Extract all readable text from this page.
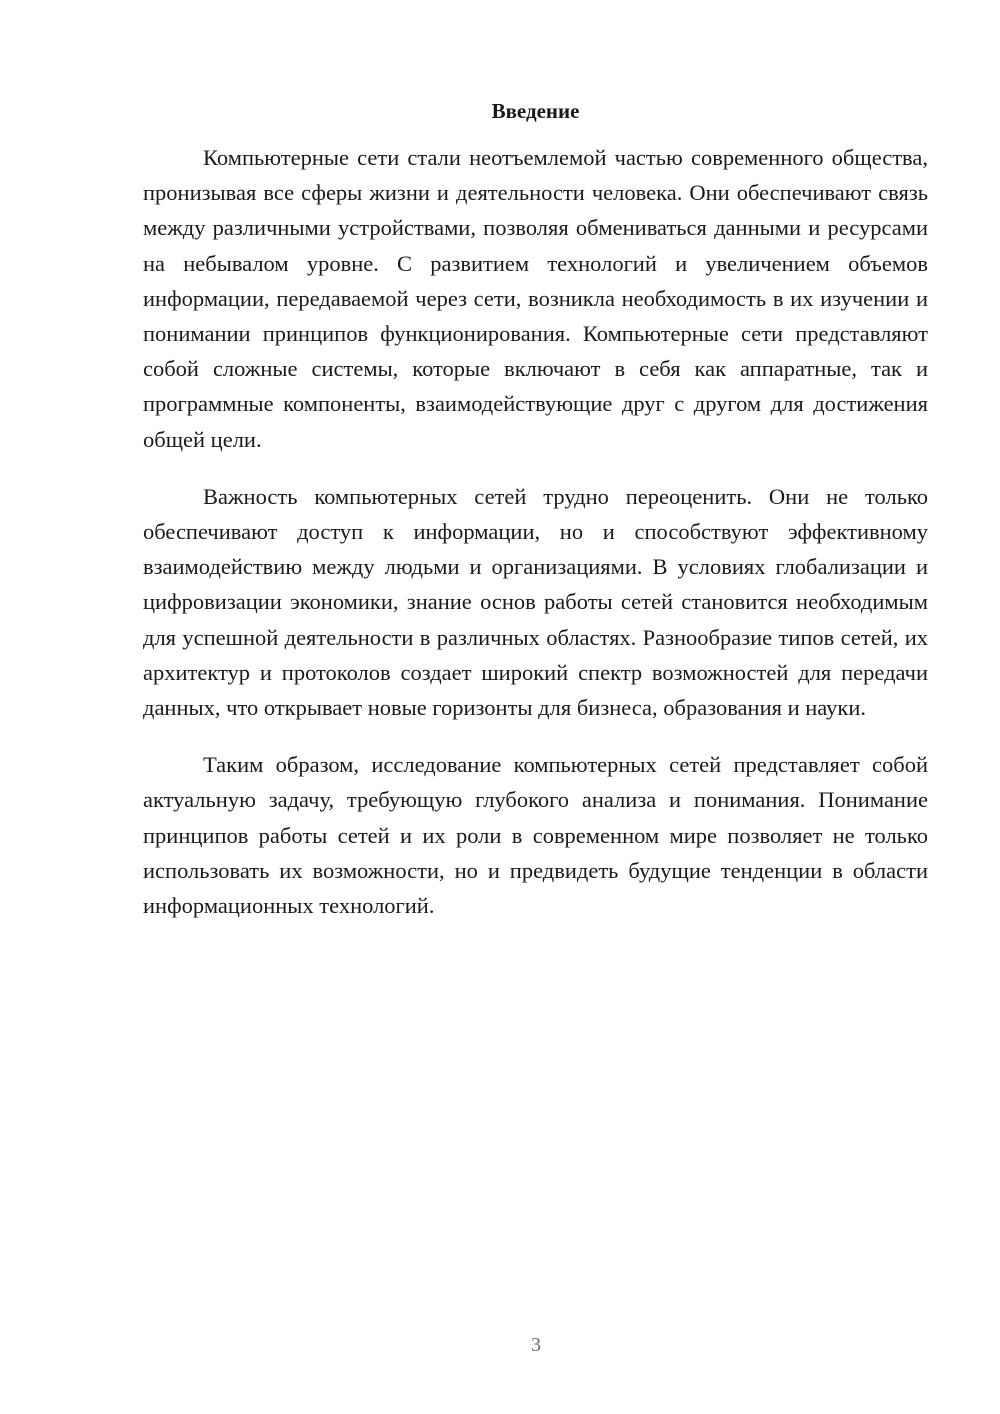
Введение

Компьютерные сети стали неотъемлемой частью современного общества, пронизывая все сферы жизни и деятельности человека. Они обеспечивают связь между различными устройствами, позволяя обмениваться данными и ресурсами на небывалом уровне. С развитием технологий и увеличением объемов информации, передаваемой через сети, возникла необходимость в их изучении и понимании принципов функционирования. Компьютерные сети представляют собой сложные системы, которые включают в себя как аппаратные, так и программные компоненты, взаимодействующие друг с другом для достижения общей цели.

Важность компьютерных сетей трудно переоценить. Они не только обеспечивают доступ к информации, но и способствуют эффективному взаимодействию между людьми и организациями. В условиях глобализации и цифровизации экономики, знание основ работы сетей становится необходимым для успешной деятельности в различных областях. Разнообразие типов сетей, их архитектур и протоколов создает широкий спектр возможностей для передачи данных, что открывает новые горизонты для бизнеса, образования и науки.

Таким образом, исследование компьютерных сетей представляет собой актуальную задачу, требующую глубокого анализа и понимания. Понимание принципов работы сетей и их роли в современном мире позволяет не только использовать их возможности, но и предвидеть будущие тенденции в области информационных технологий.

3
